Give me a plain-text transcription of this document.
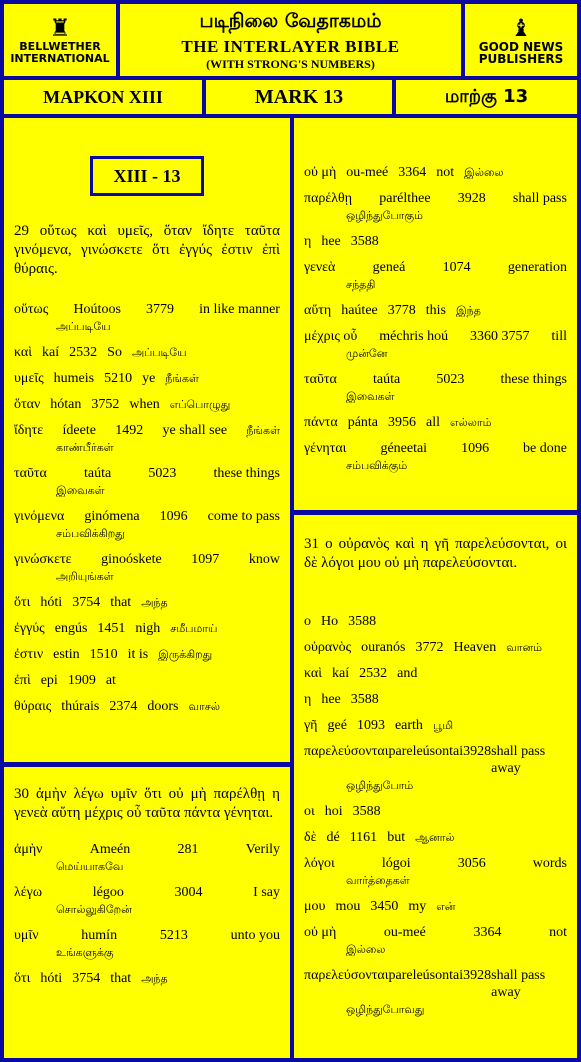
♜
BELLWETHER
INTERNATIONAL
படிநிலை வேதாகமம்
THE INTERLAYER BIBLE
(WITH STRONG'S NUMBERS)
♝
GOOD NEWS
PUBLISHERS
ΜΑΡΚΟΝ XIII	MARK 13	மாற்கு 13
XIII - 13
29 οὕτως καὶ υμεῖς, ὅταν ἴδητε ταῦτα γινόμενα, γινώσκετε ὅτι ἐγγύς ἐστιν ἐπὶ θύραις.
οὕτως Hoútoos 3779 in like manner
அப்படியே
καὶ kaí 2532 So அப்படியே
υμεῖς humeis 5210 ye நீங்கள்
ὅταν hótan 3752 when எப்பொழுது
ἴδητε ídeete 1492 ye shall see நீங்கள்
காண்பீர்கள்
ταῦτα	taúta	5023	these things
இவைகள்
γινόμενα ginómena 1096 come to pass
சம்பவிக்கிறது
γινώσκετε ginoóskete 1097 know
அறியுங்கள்
ὅτι hóti 3754 that அந்த
ἐγγύς engús 1451 nigh சமீபமாய்
ἐστιν estin 1510 it is இருக்கிறது
ἐπὶ epi 1909 at
θύραις thúrais 2374 doors வாசல்
30 ἀμὴν λέγω υμῖν ὅτι οὐ μὴ παρέλθῃ η γενεὰ αὕτη μέχρις οὗ ταῦτα πάντα γένηται.
ἀμὴν	Ameén	281	Verily
மெய்யாகவே
λέγω	légoo	3004	I say
சொல்லுகிறேன்
υμῖν	humín	5213	unto you
உங்களுக்கு
ὅτι hóti 3754 that அந்த
οὐ μὴ ou-meé 3364 not இல்லை
παρέλθῃ parélthee 3928 shall pass
ஒழிந்துபோகும்
η hee 3588
γενεὰ	geneá	1074	generation
சந்ததி
αὕτη haútee 3778 this இந்த
μέχρις οὗ méchris hoú 3360 3757 till
முன்னே
ταῦτα	taúta	5023	these things
இவைகள்
πάντα pánta 3956 all எல்லாம்
γένηται géneetai 1096 be done
சம்பவிக்கும்
31 ο οὐρανὸς καὶ η γῆ παρελεύσονται, οι δὲ λόγοι μου οὐ μὴ παρελεύσονται.
ο Ho 3588
οὐρανὸς ouranós 3772 Heaven வானம்
καὶ kaí 2532 and
η hee 3588
γῆ geé 1093 earth பூமி
παρελεύσονται pareleúsontai 3928 shall pass away
ஒழிந்துபோம்
οι hoi 3588
δὲ dé 1161 but ஆனால்
λόγοι	lógoi	3056	words
வார்த்தைகள்
μου mou 3450 my என்
οὐ μὴ	ou-meé	3364	not
இல்லை
παρελεύσονται pareleúsontai 3928 shall pass away
ஒழிந்துபோவது
